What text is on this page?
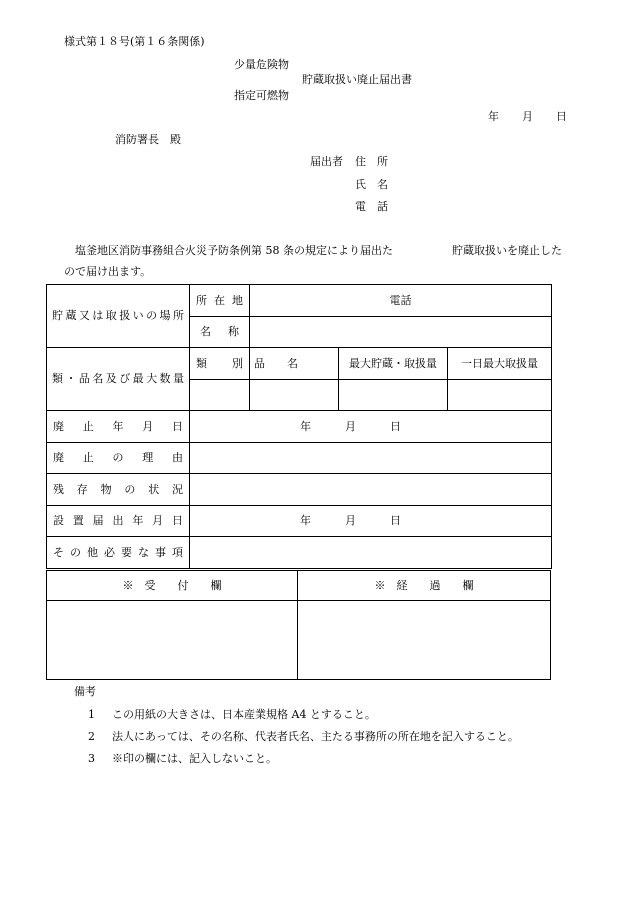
様式第１８号(第１６条関係)
少量危険物
貯蔵取扱い廃止届出書
指定可燃物
年 月 日
消防署長　殿
届出者 住　所
氏　名
電　話
塩釜地区消防事務組合火災予防条例第 58 条の規定により届出た	貯蔵取扱いを廃止した
ので届け出ます。
貯蔵又は取扱いの場所	所在地	電話		
	名称			
類・品名及び最大数量	類別	品　　名	最大貯蔵・取扱量	一日最大取扱量

廃止年月日	年 月 日			

廃止の理由				
残存物の状況				
設置届出年月日	年 月 日			

その他必要な事項				
※　受　　付　　欄	※　経　　過　　欄
備考
1 この用紙の大きさは、日本産業規格 A4 とすること。
2 法人にあっては、その名称、代表者氏名、主たる事務所の所在地を記入すること。
3 ※印の欄には、記入しないこと。
